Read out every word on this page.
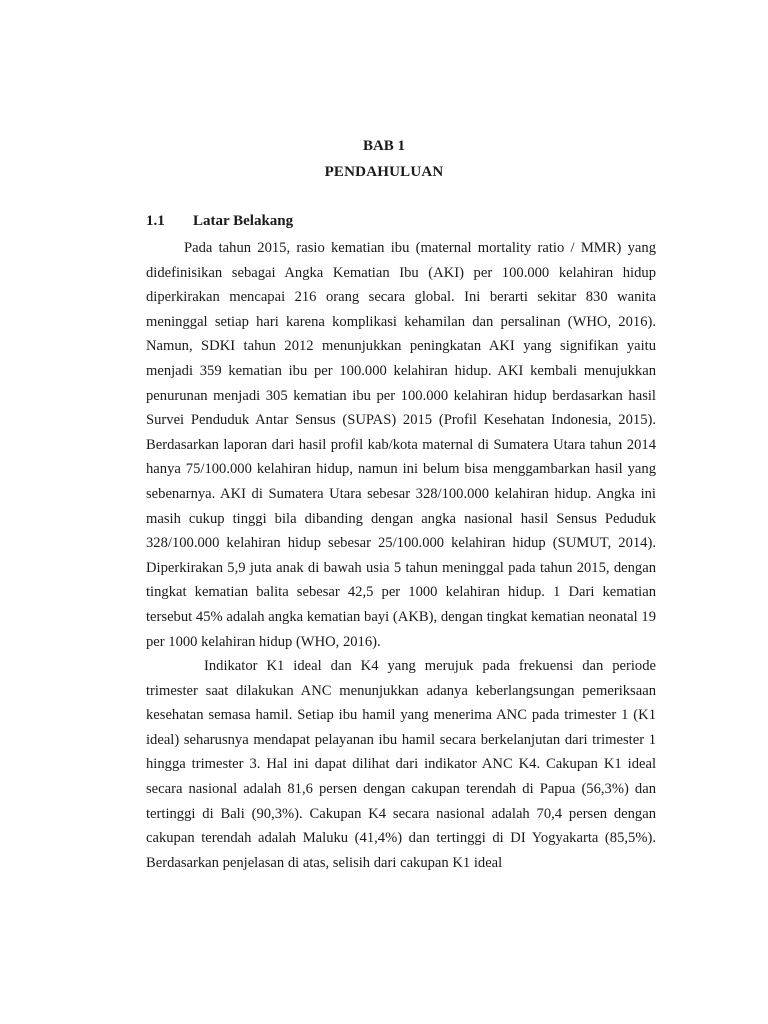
BAB 1
PENDAHULUAN
1.1 Latar Belakang

Pada tahun 2015, rasio kematian ibu (maternal mortality ratio / MMR) yang didefinisikan sebagai Angka Kematian Ibu (AKI) per 100.000 kelahiran hidup diperkirakan mencapai 216 orang secara global. Ini berarti sekitar 830 wanita meninggal setiap hari karena komplikasi kehamilan dan persalinan (WHO, 2016). Namun, SDKI tahun 2012 menunjukkan peningkatan AKI yang signifikan yaitu menjadi 359 kematian ibu per 100.000 kelahiran hidup. AKI kembali menujukkan penurunan menjadi 305 kematian ibu per 100.000 kelahiran hidup berdasarkan hasil Survei Penduduk Antar Sensus (SUPAS) 2015 (Profil Kesehatan Indonesia, 2015). Berdasarkan laporan dari hasil profil kab/kota maternal di Sumatera Utara tahun 2014 hanya 75/100.000 kelahiran hidup, namun ini belum bisa menggambarkan hasil yang sebenarnya. AKI di Sumatera Utara sebesar 328/100.000 kelahiran hidup. Angka ini masih cukup tinggi bila dibanding dengan angka nasional hasil Sensus Peduduk 328/100.000 kelahiran hidup sebesar 25/100.000 kelahiran hidup (SUMUT, 2014). Diperkirakan 5,9 juta anak di bawah usia 5 tahun meninggal pada tahun 2015, dengan tingkat kematian balita sebesar 42,5 per 1000 kelahiran hidup. 1 Dari kematian tersebut 45% adalah angka kematian bayi (AKB), dengan tingkat kematian neonatal 19 per 1000 kelahiran hidup (WHO, 2016).

Indikator K1 ideal dan K4 yang merujuk pada frekuensi dan periode trimester saat dilakukan ANC menunjukkan adanya keberlangsungan pemeriksaan kesehatan semasa hamil. Setiap ibu hamil yang menerima ANC pada trimester 1 (K1 ideal) seharusnya mendapat pelayanan ibu hamil secara berkelanjutan dari trimester 1 hingga trimester 3. Hal ini dapat dilihat dari indikator ANC K4. Cakupan K1 ideal secara nasional adalah 81,6 persen dengan cakupan terendah di Papua (56,3%) dan tertinggi di Bali (90,3%). Cakupan K4 secara nasional adalah 70,4 persen dengan cakupan terendah adalah Maluku (41,4%) dan tertinggi di DI Yogyakarta (85,5%). Berdasarkan penjelasan di atas, selisih dari cakupan K1 ideal
